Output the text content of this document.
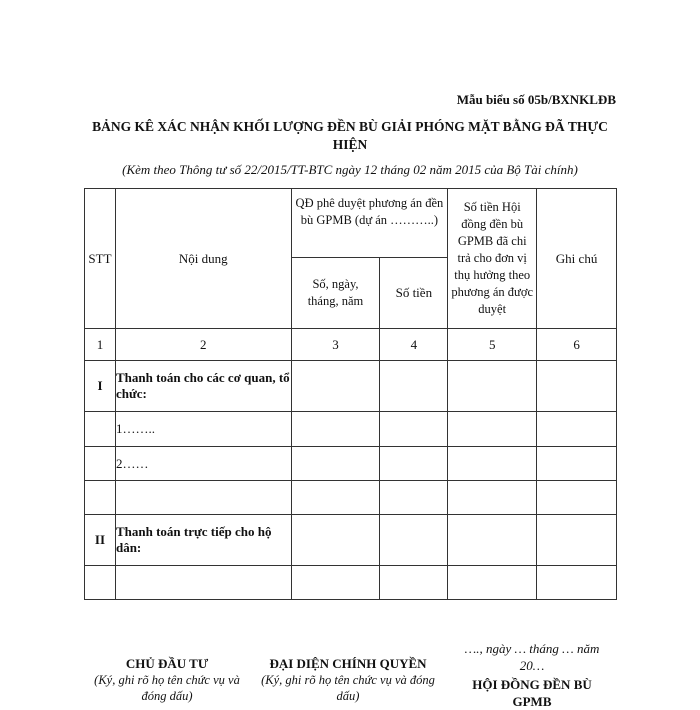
Mẫu biểu số 05b/BXNKLĐB
BẢNG KÊ XÁC NHẬN KHỐI LƯỢNG ĐỀN BÙ GIẢI PHÓNG MẶT BẰNG ĐÃ THỰC HIỆN
(Kèm theo Thông tư số 22/2015/TT-BTC ngày 12 tháng 02 năm 2015 của Bộ Tài chính)
STT	Nội dung	QĐ phê duyệt phương án đền bù GPMB (dự án ………..)		Số tiền Hội đồng đền bù GPMB đã chi trả cho đơn vị thụ hưởng theo phương án được duyệt	Ghi chú
		Số, ngày, tháng, năm	Số tiền		
1	2	3	4	5	6
I	Thanh toán cho các cơ quan, tổ chức:				
	1……..				
	2……				

II	Thanh toán trực tiếp cho hộ dân:				

CHỦ ĐẦU TƯ
(Ký, ghi rõ họ tên chức vụ và đóng dấu)
ĐẠI DIỆN CHÍNH QUYỀN
(Ký, ghi rõ họ tên chức vụ và đóng dấu)
…., ngày … tháng … năm 20…
HỘI ĐỒNG ĐỀN BÙ GPMB
